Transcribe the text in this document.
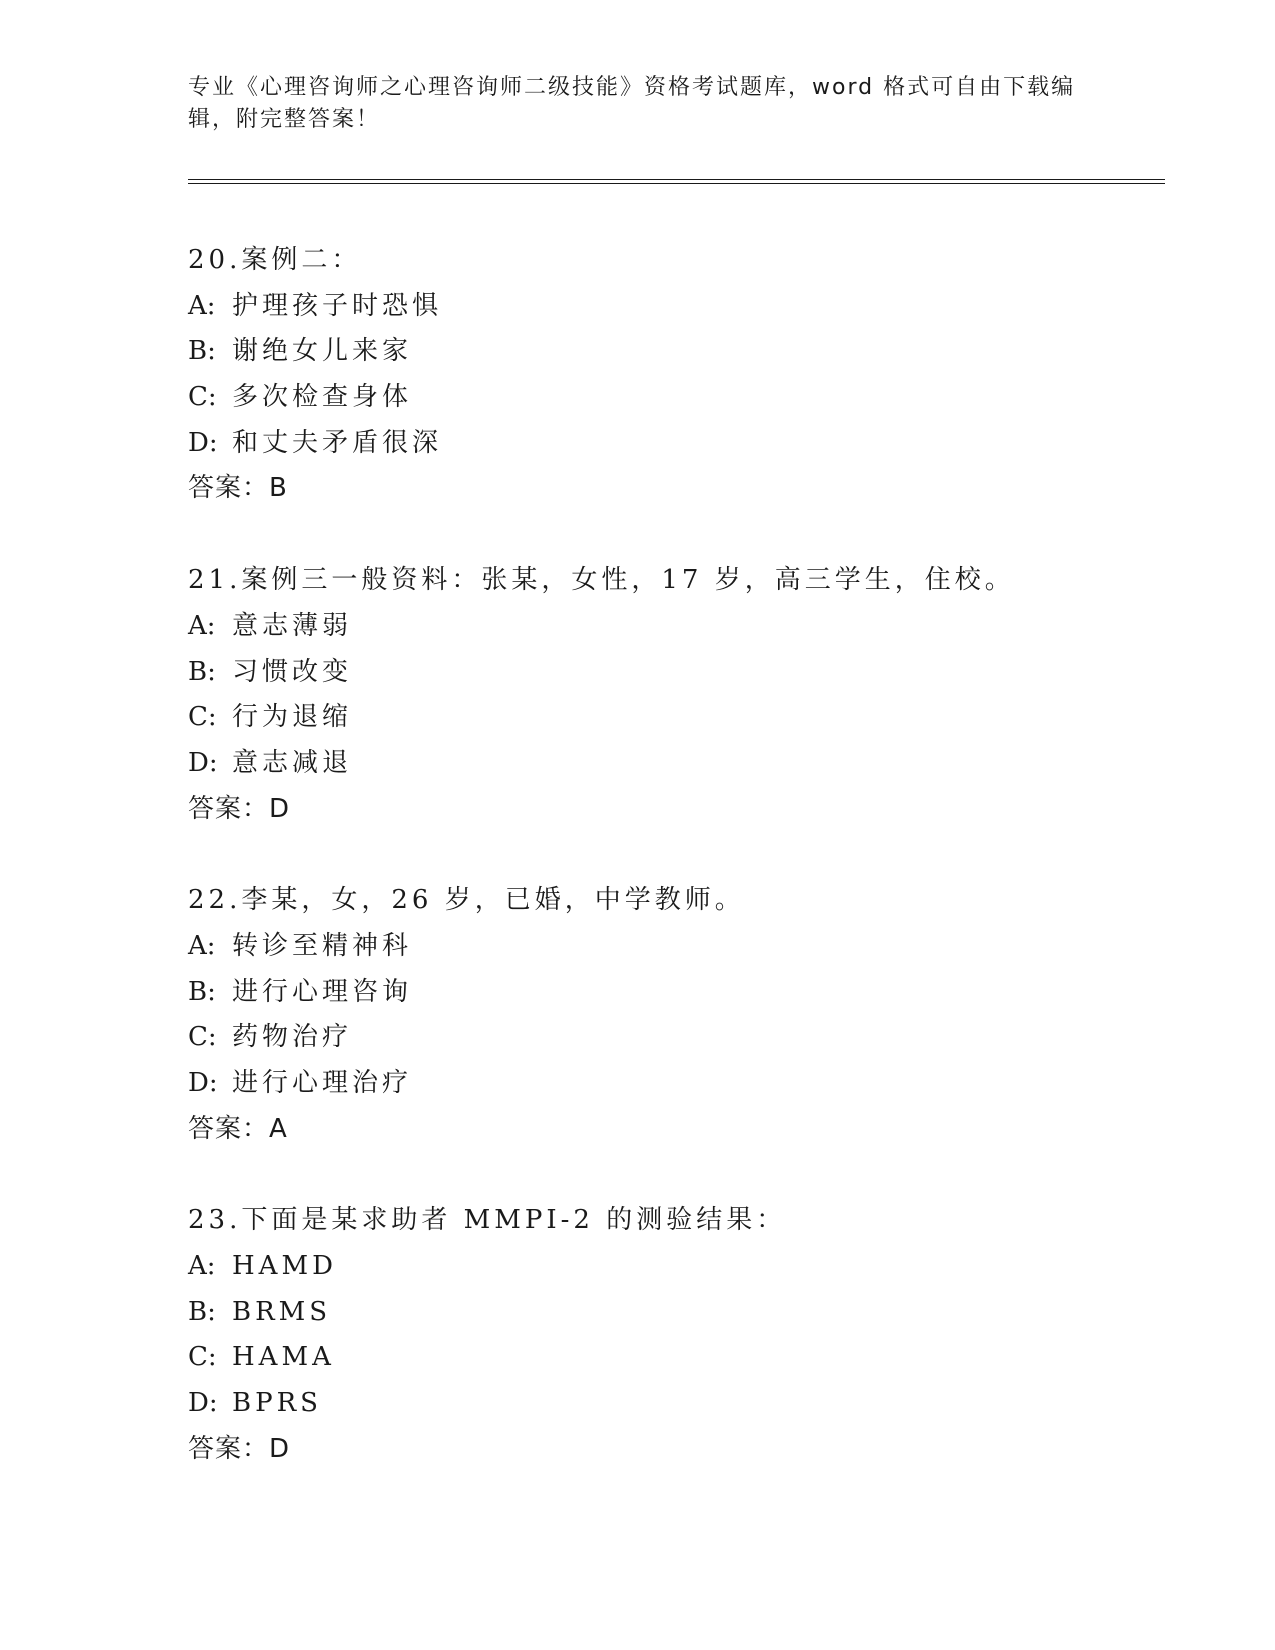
专业《心理咨询师之心理咨询师二级技能》资格考试题库，word 格式可自由下载编辑，附完整答案！
20.案例二：
A: 护理孩子时恐惧
B: 谢绝女儿来家
C: 多次检查身体
D: 和丈夫矛盾很深
答案：B
21.案例三一般资料：张某，女性，17 岁，高三学生，住校。
A: 意志薄弱
B: 习惯改变
C: 行为退缩
D: 意志减退
答案：D
22.李某，女，26 岁，已婚，中学教师。
A: 转诊至精神科
B: 进行心理咨询
C: 药物治疗
D: 进行心理治疗
答案：A
23.下面是某求助者 MMPI-2 的测验结果：
A: HAMD
B: BRMS
C: HAMA
D: BPRS
答案：D
